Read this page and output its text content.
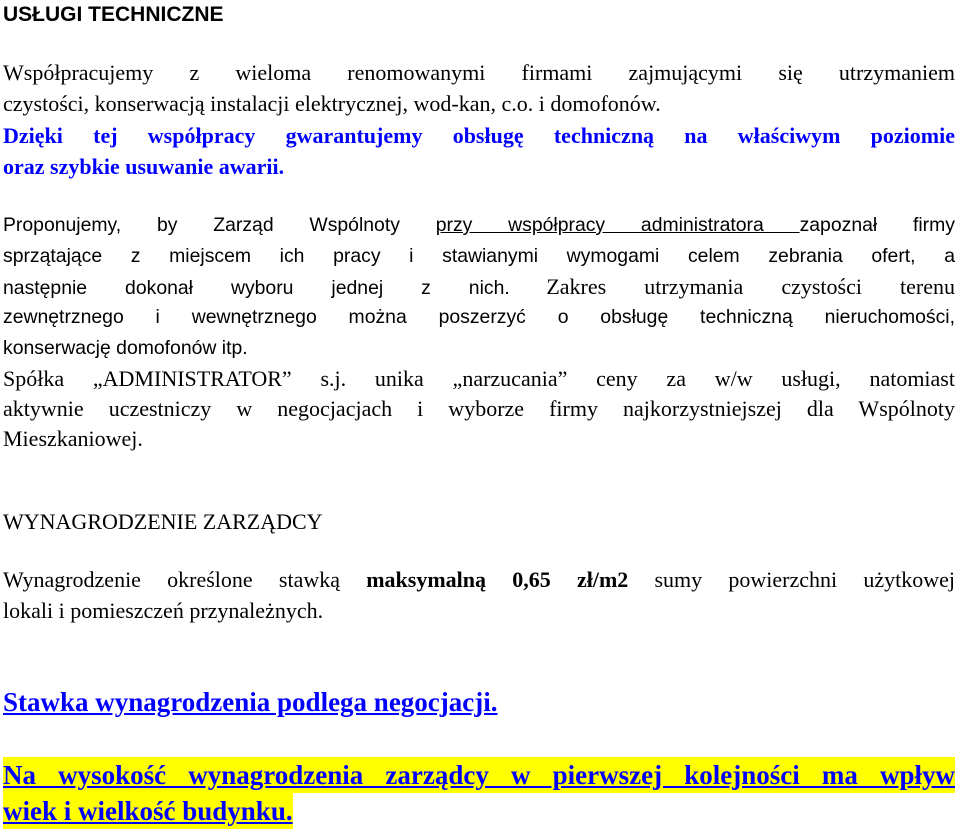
USŁUGI TECHNICZNE
Współpracujemy z wieloma renomowanymi firmami zajmującymi się utrzymaniem
czystości, konserwacją instalacji elektrycznej, wod-kan, c.o. i domofonów.
Dzięki tej współpracy gwarantujemy obsługę techniczną na właściwym poziomie
oraz szybkie usuwanie awarii.
Proponujemy, by Zarząd Wspólnoty przy współpracy administratora zapoznał firmy
sprzątające z miejscem ich pracy i stawianymi wymogami celem zebrania ofert, a
następnie dokonał wyboru jednej z nich. Zakres utrzymania czystości terenu
zewnętrznego i wewnętrznego można poszerzyć o obsługę techniczną nieruchomości,
konserwację domofonów itp.
Spółka „ADMINISTRATOR” s.j. unika „narzucania” ceny za w/w usługi, natomiast
aktywnie uczestniczy w negocjacjach i wyborze firmy najkorzystniejszej dla Wspólnoty
Mieszkaniowej.
WYNAGRODZENIE ZARZĄDCY
Wynagrodzenie określone stawką maksymalną 0,65 zł/m2 sumy powierzchni użytkowej
lokali i pomieszczeń przynależnych.
Stawka wynagrodzenia podlega negocjacji.
Na wysokość wynagrodzenia zarządcy w pierwszej kolejności ma wpływ
wiek i wielkość budynku.
